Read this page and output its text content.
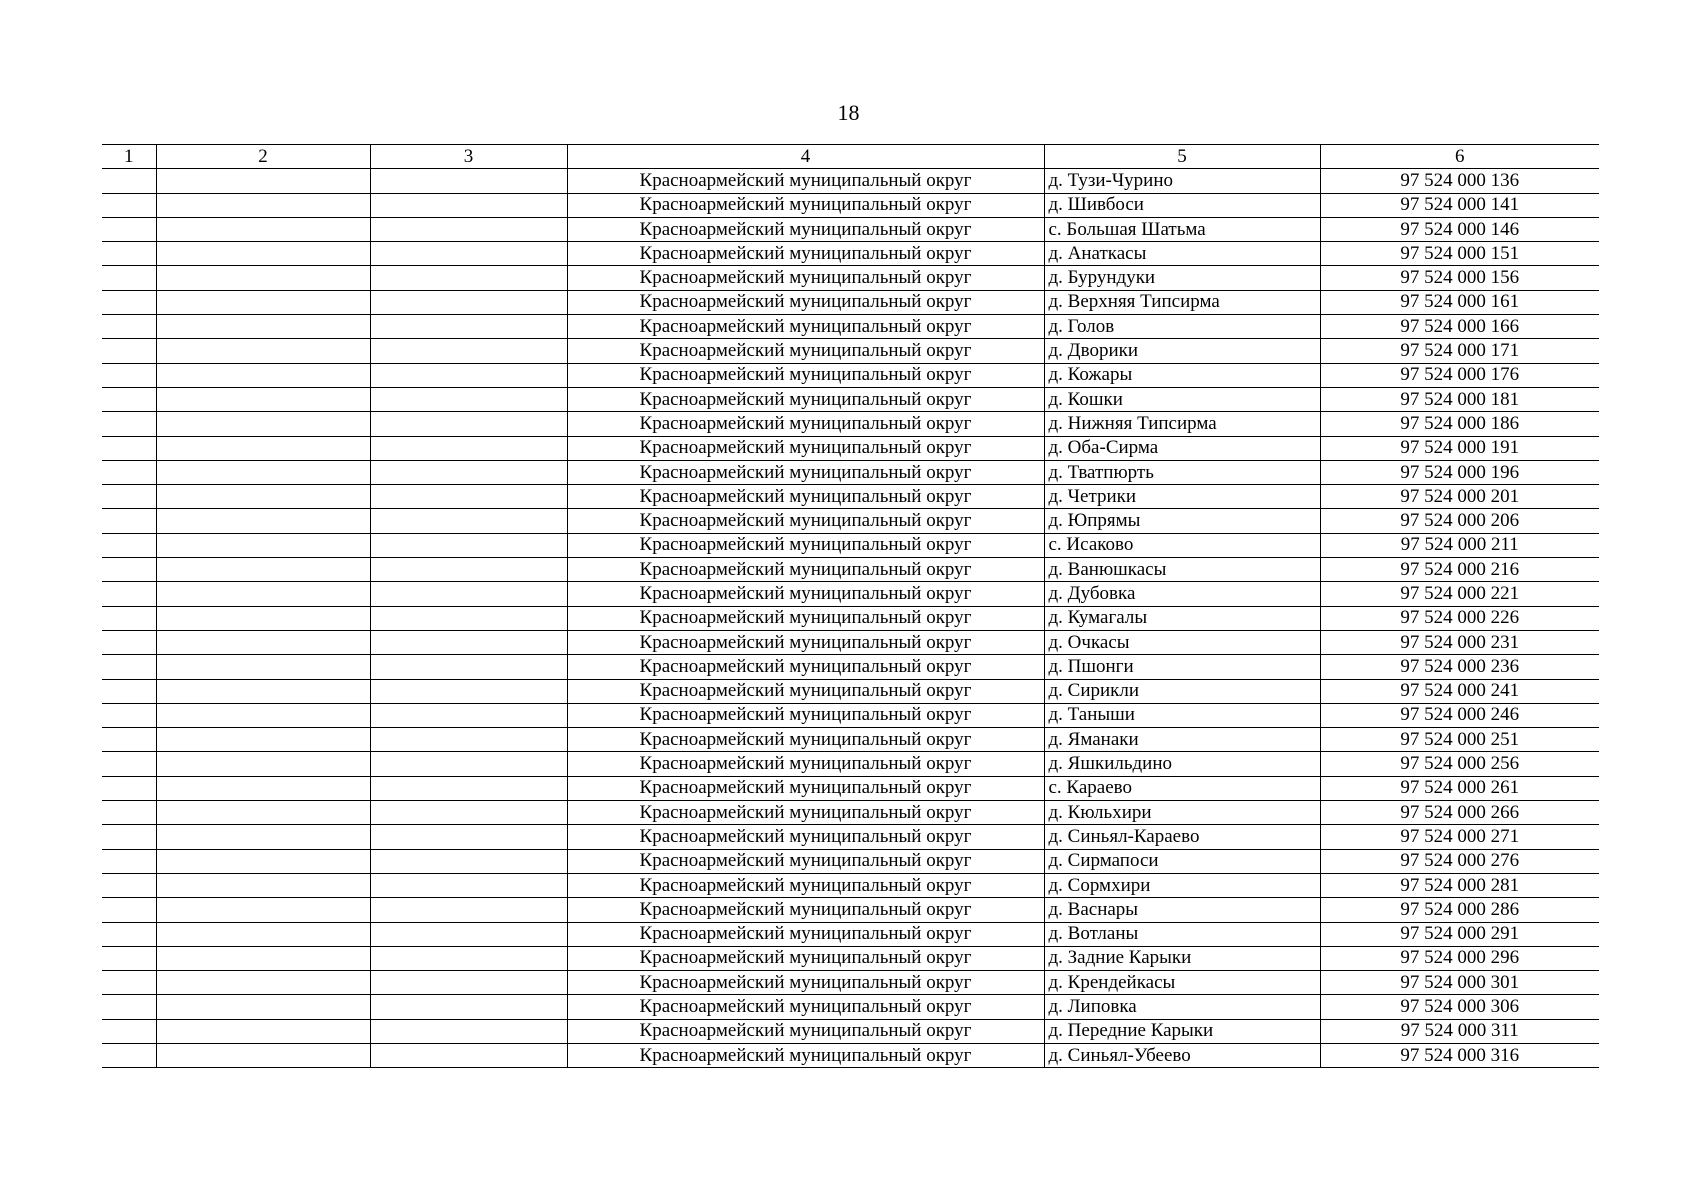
18
1	2	3	4	5	6
			Красноармейский муниципальный округ	д. Тузи-Чурино	97 524 000 136
			Красноармейский муниципальный округ	д. Шивбоси	97 524 000 141
			Красноармейский муниципальный округ	с. Большая Шатьма	97 524 000 146
			Красноармейский муниципальный округ	д. Анаткасы	97 524 000 151
			Красноармейский муниципальный округ	д. Бурундуки	97 524 000 156
			Красноармейский муниципальный округ	д. Верхняя Типсирма	97 524 000 161
			Красноармейский муниципальный округ	д. Голов	97 524 000 166
			Красноармейский муниципальный округ	д. Дворики	97 524 000 171
			Красноармейский муниципальный округ	д. Кожары	97 524 000 176
			Красноармейский муниципальный округ	д. Кошки	97 524 000 181
			Красноармейский муниципальный округ	д. Нижняя Типсирма	97 524 000 186
			Красноармейский муниципальный округ	д. Оба-Сирма	97 524 000 191
			Красноармейский муниципальный округ	д. Тватпюрть	97 524 000 196
			Красноармейский муниципальный округ	д. Четрики	97 524 000 201
			Красноармейский муниципальный округ	д. Юпрямы	97 524 000 206
			Красноармейский муниципальный округ	с. Исаково	97 524 000 211
			Красноармейский муниципальный округ	д. Ванюшкасы	97 524 000 216
			Красноармейский муниципальный округ	д. Дубовка	97 524 000 221
			Красноармейский муниципальный округ	д. Кумагалы	97 524 000 226
			Красноармейский муниципальный округ	д. Очкасы	97 524 000 231
			Красноармейский муниципальный округ	д. Пшонги	97 524 000 236
			Красноармейский муниципальный округ	д. Сирикли	97 524 000 241
			Красноармейский муниципальный округ	д. Таныши	97 524 000 246
			Красноармейский муниципальный округ	д. Яманаки	97 524 000 251
			Красноармейский муниципальный округ	д. Яшкильдино	97 524 000 256
			Красноармейский муниципальный округ	с. Караево	97 524 000 261
			Красноармейский муниципальный округ	д. Кюльхири	97 524 000 266
			Красноармейский муниципальный округ	д. Синьял-Караево	97 524 000 271
			Красноармейский муниципальный округ	д. Сирмапоси	97 524 000 276
			Красноармейский муниципальный округ	д. Сормхири	97 524 000 281
			Красноармейский муниципальный округ	д. Васнары	97 524 000 286
			Красноармейский муниципальный округ	д. Вотланы	97 524 000 291
			Красноармейский муниципальный округ	д. Задние Карыки	97 524 000 296
			Красноармейский муниципальный округ	д. Крендейкасы	97 524 000 301
			Красноармейский муниципальный округ	д. Липовка	97 524 000 306
			Красноармейский муниципальный округ	д. Передние Карыки	97 524 000 311
			Красноармейский муниципальный округ	д. Синьял-Убеево	97 524 000 316
